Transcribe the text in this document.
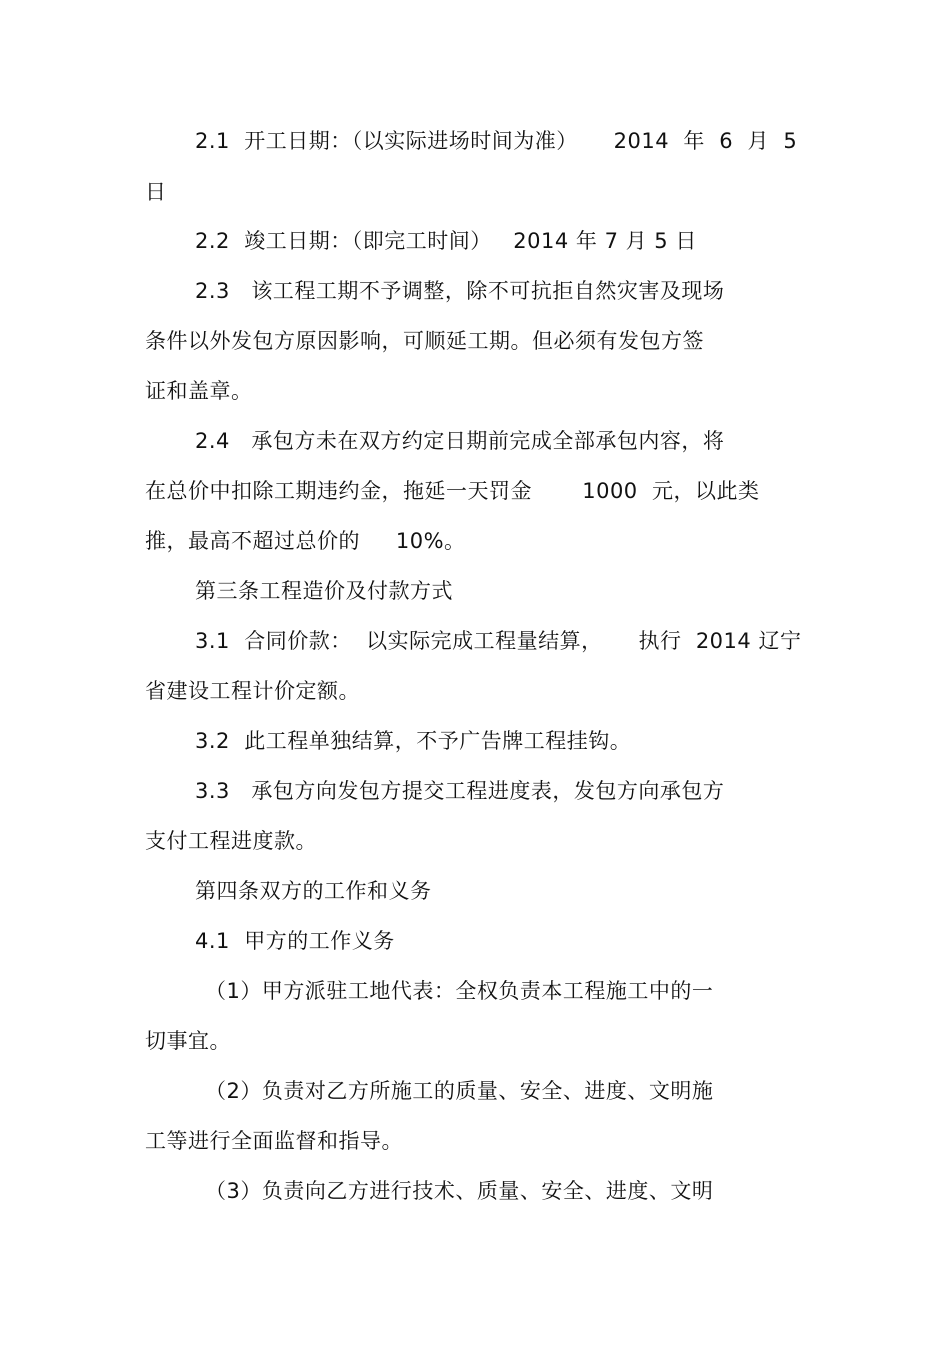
2.1  开工日期：（以实际进场时间为准）     2014  年  6  月  5
日
2.2  竣工日期：（即完工时间）   2014 年 7 月 5 日
2.3   该工程工期不予调整，除不可抗拒自然灾害及现场
条件以外发包方原因影响，可顺延工期。但必须有发包方签
证和盖章。
2.4   承包方未在双方约定日期前完成全部承包内容，将
在总价中扣除工期违约金，拖延一天罚金       1000  元，以此类
推，最高不超过总价的     10%。
第三条工程造价及付款方式
3.1  合同价款：  以实际完成工程量结算，     执行  2014 辽宁
省建设工程计价定额。
3.2  此工程单独结算，不予广告牌工程挂钩。
3.3   承包方向发包方提交工程进度表，发包方向承包方
支付工程进度款。
第四条双方的工作和义务
4.1  甲方的工作义务
（1）甲方派驻工地代表：全权负责本工程施工中的一
切事宜。
（2）负责对乙方所施工的质量、安全、进度、文明施
工等进行全面监督和指导。
（3）负责向乙方进行技术、质量、安全、进度、文明
